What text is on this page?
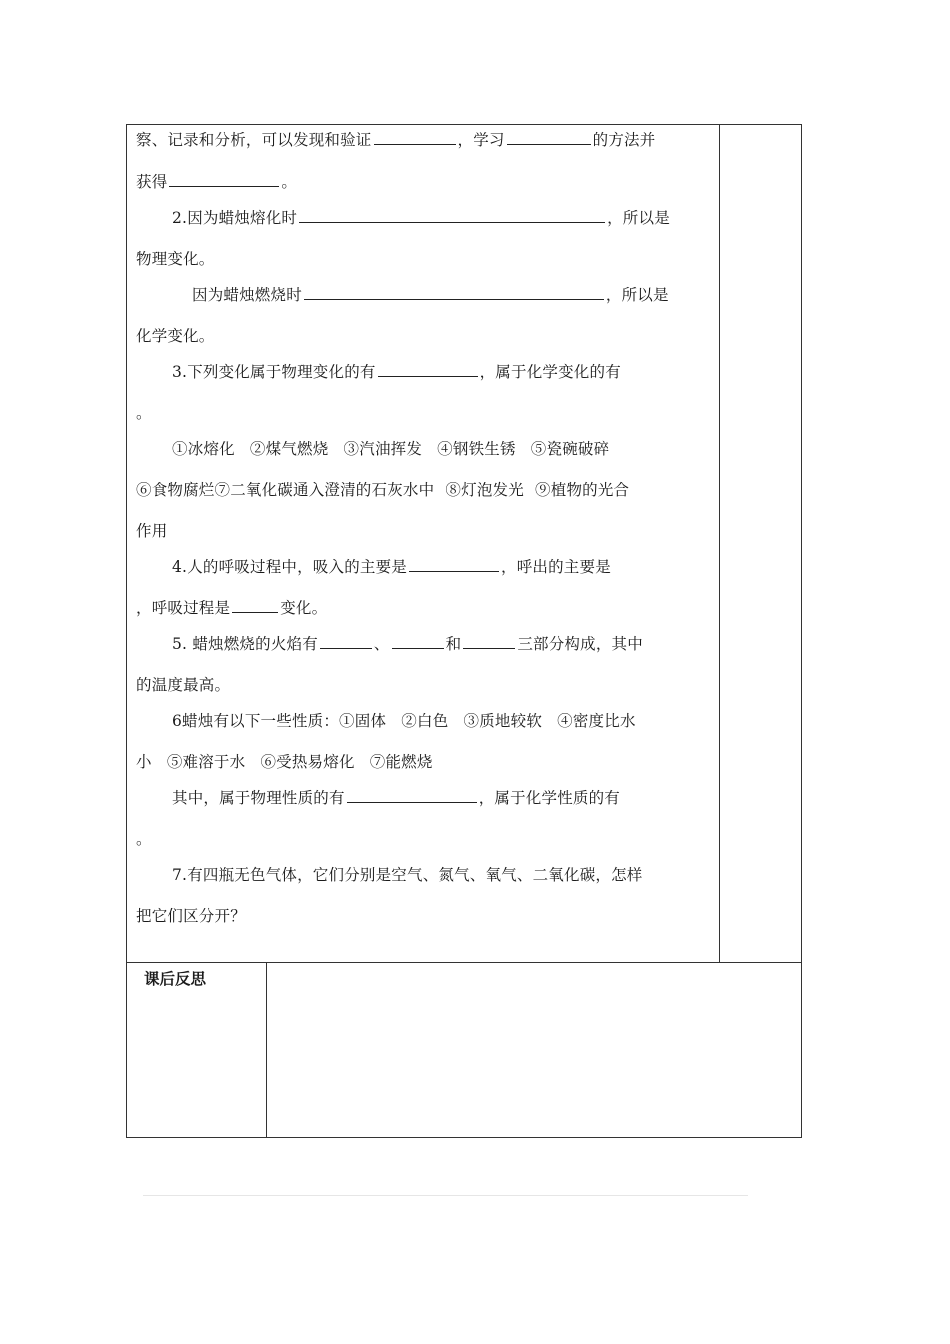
察、记录和分析，可以发现和验证	，学习	的方法并
获得	。
2.因为蜡烛熔化时	，所以是
物理变化。
因为蜡烛燃烧时	，所以是
化学变化。
3.下列变化属于物理变化的有	，属于化学变化的有
。
①冰熔化 ②煤气燃烧 ③汽油挥发 ④钢铁生锈 ⑤瓷碗破碎
⑥食物腐烂⑦二氧化碳通入澄清的石灰水中 ⑧灯泡发光 ⑨植物的光合
作用
4.人的呼吸过程中，吸入的主要是	，呼出的主要是
，呼吸过程是	变化。
5. 蜡烛燃烧的火焰有	、	和	三部分构成，其中
的温度最高。
6蜡烛有以下一些性质：①固体 ②白色 ③质地较软 ④密度比水
小 ⑤难溶于水 ⑥受热易熔化 ⑦能燃烧
其中，属于物理性质的有	，属于化学性质的有
。
7.有四瓶无色气体，它们分别是空气、氮气、氧气、二氧化碳，怎样
把它们区分开？
课后反思
